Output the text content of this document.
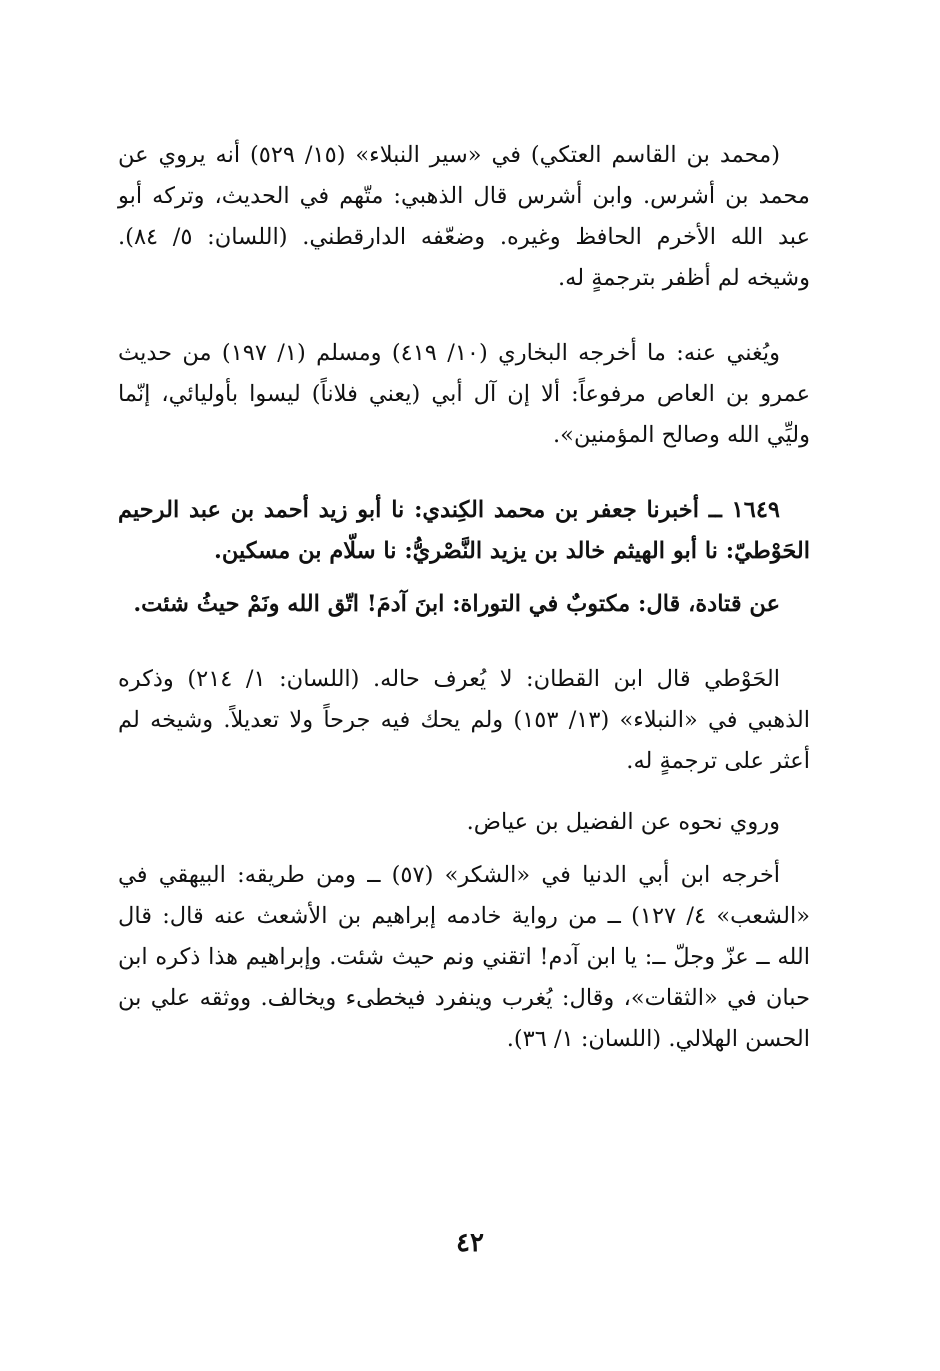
(محمد بن القاسم العتكي) في «سير النبلاء» (١٥/ ٥٢٩) أنه يروي عن محمد بن أشرس. وابن أشرس قال الذهبي: متّهم في الحديث، وتركه أبو عبد الله الأخرم الحافظ وغيره. وضعّفه الدارقطني. (اللسان: ٥/ ٨٤). وشيخه لم أظفر بترجمةٍ له.

ويُغني عنه: ما أخرجه البخاري (١٠/ ٤١٩) ومسلم (١/ ١٩٧) من حديث عمرو بن العاص مرفوعاً: ألا إن آل أبي (يعني فلاناً) ليسوا بأوليائي، إنّما وليِّي الله وصالح المؤمنين».

١٦٤٩ ــ أخبرنا جعفر بن محمد الكِندي: نا أبو زيد أحمد بن عبد الرحيم الحَوْطيّ: نا أبو الهيثم خالد بن يزيد النَّصْريُّ: نا سلّام بن مسكين.

عن قتادة، قال: مكتوبٌ في التوراة: ابنَ آدمَ! اتّق الله ونَمْ حيثُ شئت.

الحَوْطي قال ابن القطان: لا يُعرف حاله. (اللسان: ١/ ٢١٤) وذكره الذهبي في «النبلاء» (١٣/ ١٥٣) ولم يحك فيه جرحاً ولا تعديلاً. وشيخه لم أعثر على ترجمةٍ له.

وروي نحوه عن الفضيل بن عياض.

أخرجه ابن أبي الدنيا في «الشكر» (٥٧) ــ ومن طريقه: البيهقي في «الشعب» ٤/ ١٢٧) ــ من رواية خادمه إبراهيم بن الأشعث عنه قال: قال الله ــ عزّ وجلّ ــ: يا ابن آدم! اتقني ونم حيث شئت. وإبراهيم هذا ذكره ابن حبان في «الثقات»، وقال: يُغرب وينفرد فيخطىء ويخالف. ووثقه علي بن الحسن الهلالي. (اللسان: ١/ ٣٦).

٤٢
